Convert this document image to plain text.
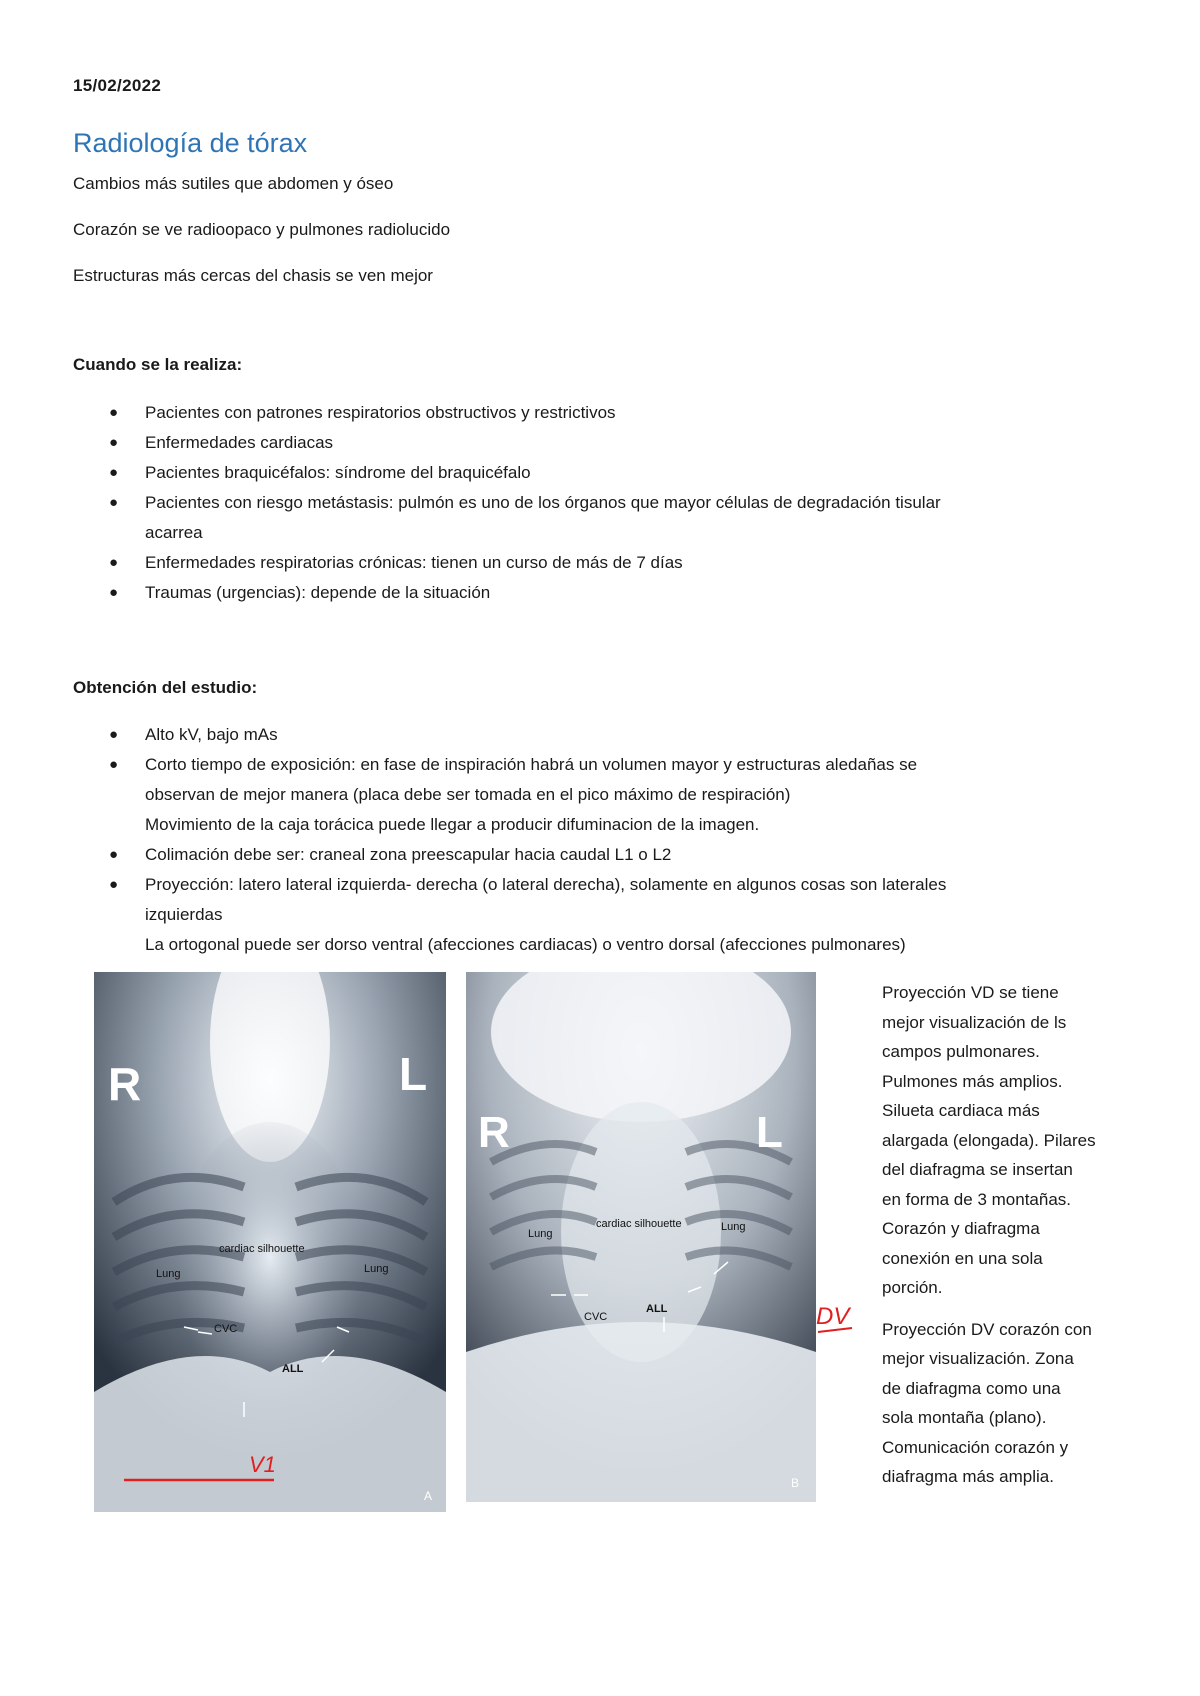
15/02/2022
Radiología de tórax

Cambios más sutiles que abdomen y óseo

Corazón se ve radioopaco y pulmones radiolucido

Estructuras más cercas del chasis se ven mejor

Cuando se la realiza:
● Pacientes con patrones respiratorios obstructivos y restrictivos
● Enfermedades cardiacas
● Pacientes braquicéfalos: síndrome del braquicéfalo
● Pacientes con riesgo metástasis: pulmón es uno de los órganos que mayor células de degradación tisular
acarrea
● Enfermedades respiratorias crónicas: tienen un curso de más de 7 días
● Traumas (urgencias): depende de la situación
Obtención del estudio:
● Alto kV, bajo mAs
● Corto tiempo de exposición: en fase de inspiración habrá un volumen mayor y estructuras aledañas se
observan de mejor manera (placa debe ser tomada en el pico máximo de respiración)
Movimiento de la caja torácica puede llegar a producir difuminacion de la imagen.
● Colimación debe ser: craneal zona preescapular hacia caudal L1 o L2
● Proyección: latero lateral izquierda- derecha (o lateral derecha), solamente en algunos cosas son laterales
izquierdas
La ortogonal puede ser dorso ventral (afecciones cardiacas) o ventro dorsal (afecciones pulmonares)
R	L
cardiac silhouette
Lung	Lung
CVC
ALL
A
V1
R	L
cardiac silhouette
Lung
Lung
CVC
ALL
B
DV

Proyección VD se tiene
mejor visualización de ls
campos pulmonares.
Pulmones más amplios.
Silueta cardiaca más
alargada (elongada). Pilares
del diafragma se insertan
en forma de 3 montañas.
Corazón y diafragma
conexión en una sola
porción.

Proyección DV corazón con
mejor visualización. Zona
de diafragma como una
sola montaña (plano).
Comunicación corazón y
diafragma más amplia.
